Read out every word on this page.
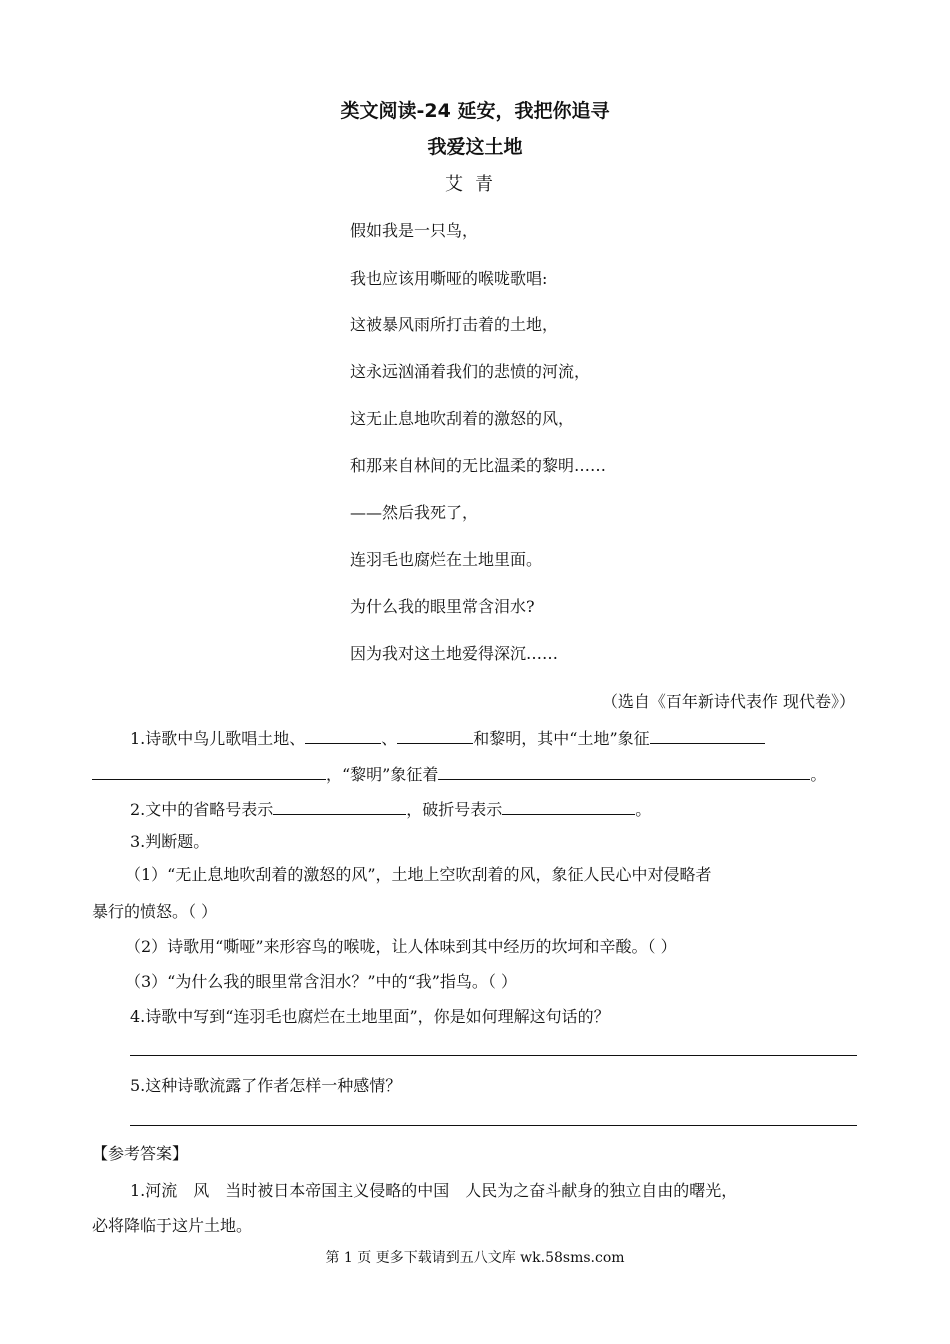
类文阅读-24 延安，我把你追寻
我爱这土地
艾青
假如我是一只鸟，
我也应该用嘶哑的喉咙歌唱:
这被暴风雨所打击着的土地，
这永远汹涌着我们的悲愤的河流，
这无止息地吹刮着的激怒的风，
和那来自林间的无比温柔的黎明……
——然后我死了，
连羽毛也腐烂在土地里面。
为什么我的眼里常含泪水?
因为我对这土地爱得深沉……
（选自《百年新诗代表作 现代卷》）
1.诗歌中鸟儿歌唱土地、	、	和黎明，其中“土地”象征
，“黎明”象征着	。
2.文中的省略号表示	，破折号表示	。
3.判断题。
（1）“无止息地吹刮着的激怒的风”，土地上空吹刮着的风，象征人民心中对侵略者
暴行的愤怒。（ ）
（2）诗歌用“嘶哑”来形容鸟的喉咙，让人体味到其中经历的坎坷和辛酸。（ ）
（3）“为什么我的眼里常含泪水？”中的“我”指鸟。（ ）
4.诗歌中写到“连羽毛也腐烂在土地里面”，你是如何理解这句话的？
5.这种诗歌流露了作者怎样一种感情？
【参考答案】
1.河流　风　当时被日本帝国主义侵略的中国　人民为之奋斗献身的独立自由的曙光，
必将降临于这片土地。
第 1 页 更多下载请到五八文库 wk.58sms.com
